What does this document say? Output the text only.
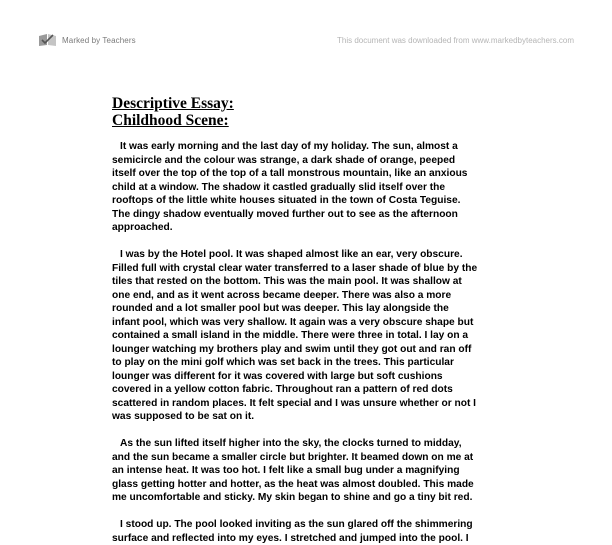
Marked by Teachers	This document was downloaded from www.markedbyteachers.com
Descriptive Essay:
Childhood Scene:
It was early morning and the last day of my holiday. The sun, almost a
semicircle and the colour was strange, a dark shade of orange, peeped
itself over the top of the top of a tall monstrous mountain, like an anxious
child at a window. The shadow it castled gradually slid itself over the
rooftops of the little white houses situated in the town of Costa Teguise.
The dingy shadow eventually moved further out to see as the afternoon
approached.
I was by the Hotel pool. It was shaped almost like an ear, very obscure.
Filled full with crystal clear water transferred to a laser shade of blue by the
tiles that rested on the bottom. This was the main pool. It was shallow at
one end, and as it went across became deeper. There was also a more
rounded and a lot smaller pool but was deeper. This lay alongside the
infant pool, which was very shallow. It again was a very obscure shape but
contained a small island in the middle. There were three in total. I lay on a
lounger watching my brothers play and swim until they got out and ran off
to play on the mini golf which was set back in the trees. This particular
lounger was different for it was covered with large but soft cushions
covered in a yellow cotton fabric. Throughout ran a pattern of red dots
scattered in random places. It felt special and I was unsure whether or not I
was supposed to be sat on it.
As the sun lifted itself higher into the sky, the clocks turned to midday,
and the sun became a smaller circle but brighter. It beamed down on me at
an intense heat. It was too hot. I felt like a small bug under a magnifying
glass getting hotter and hotter, as the heat was almost doubled. This made
me uncomfortable and sticky. My skin began to shine and go a tiny bit red.
I stood up. The pool looked inviting as the sun glared off the shimmering
surface and reflected into my eyes. I stretched and jumped into the pool. I
